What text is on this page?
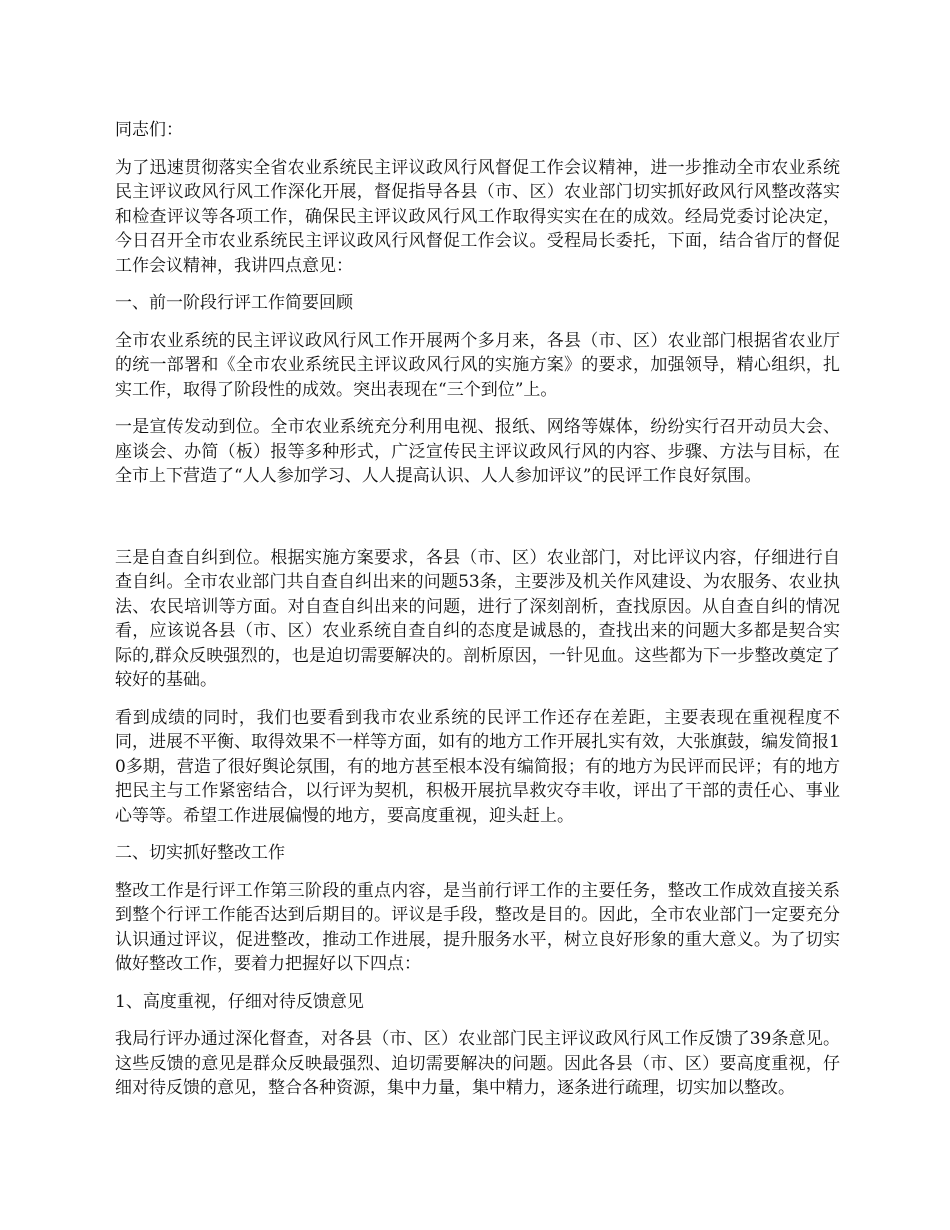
同志们：

为了迅速贯彻落实全省农业系统民主评议政风行风督促工作会议精神，进一步推动全市农业系统民主评议政风行风工作深化开展，督促指导各县（市、区）农业部门切实抓好政风行风整改落实和检查评议等各项工作，确保民主评议政风行风工作取得实实在在的成效。经局党委讨论决定，今日召开全市农业系统民主评议政风行风督促工作会议。受程局长委托，下面，结合省厅的督促工作会议精神，我讲四点意见：

一、前一阶段行评工作简要回顾

全市农业系统的民主评议政风行风工作开展两个多月来，各县（市、区）农业部门根据省农业厅的统一部署和《全市农业系统民主评议政风行风的实施方案》的要求，加强领导，精心组织，扎实工作，取得了阶段性的成效。突出表现在“三个到位”上。

一是宣传发动到位。全市农业系统充分利用电视、报纸、网络等媒体，纷纷实行召开动员大会、座谈会、办简（板）报等多种形式，广泛宣传民主评议政风行风的内容、步骤、方法与目标，在全市上下营造了“人人参加学习、人人提高认识、人人参加评议”的民评工作良好氛围。

三是自查自纠到位。根据实施方案要求，各县（市、区）农业部门，对比评议内容，仔细进行自查自纠。全市农业部门共自查自纠出来的问题53条，主要涉及机关作风建设、为农服务、农业执法、农民培训等方面。对自查自纠出来的问题，进行了深刻剖析，查找原因。从自查自纠的情况看，应该说各县（市、区）农业系统自查自纠的态度是诚恳的，查找出来的问题大多都是契合实际的,群众反映强烈的，也是迫切需要解决的。剖析原因，一针见血。这些都为下一步整改奠定了较好的基础。

看到成绩的同时，我们也要看到我市农业系统的民评工作还存在差距，主要表现在重视程度不同，进展不平衡、取得效果不一样等方面，如有的地方工作开展扎实有效，大张旗鼓，编发简报10多期，营造了很好舆论氛围，有的地方甚至根本没有编简报；有的地方为民评而民评；有的地方把民主与工作紧密结合，以行评为契机，积极开展抗旱救灾夺丰收，评出了干部的责任心、事业心等等。希望工作进展偏慢的地方，要高度重视，迎头赶上。

二、切实抓好整改工作

整改工作是行评工作第三阶段的重点内容，是当前行评工作的主要任务，整改工作成效直接关系到整个行评工作能否达到后期目的。评议是手段，整改是目的。因此，全市农业部门一定要充分认识通过评议，促进整改，推动工作进展，提升服务水平，树立良好形象的重大意义。为了切实做好整改工作，要着力把握好以下四点：

1、高度重视，仔细对待反馈意见

我局行评办通过深化督查，对各县（市、区）农业部门民主评议政风行风工作反馈了39条意见。这些反馈的意见是群众反映最强烈、迫切需要解决的问题。因此各县（市、区）要高度重视，仔细对待反馈的意见，整合各种资源，集中力量，集中精力，逐条进行疏理，切实加以整改。
